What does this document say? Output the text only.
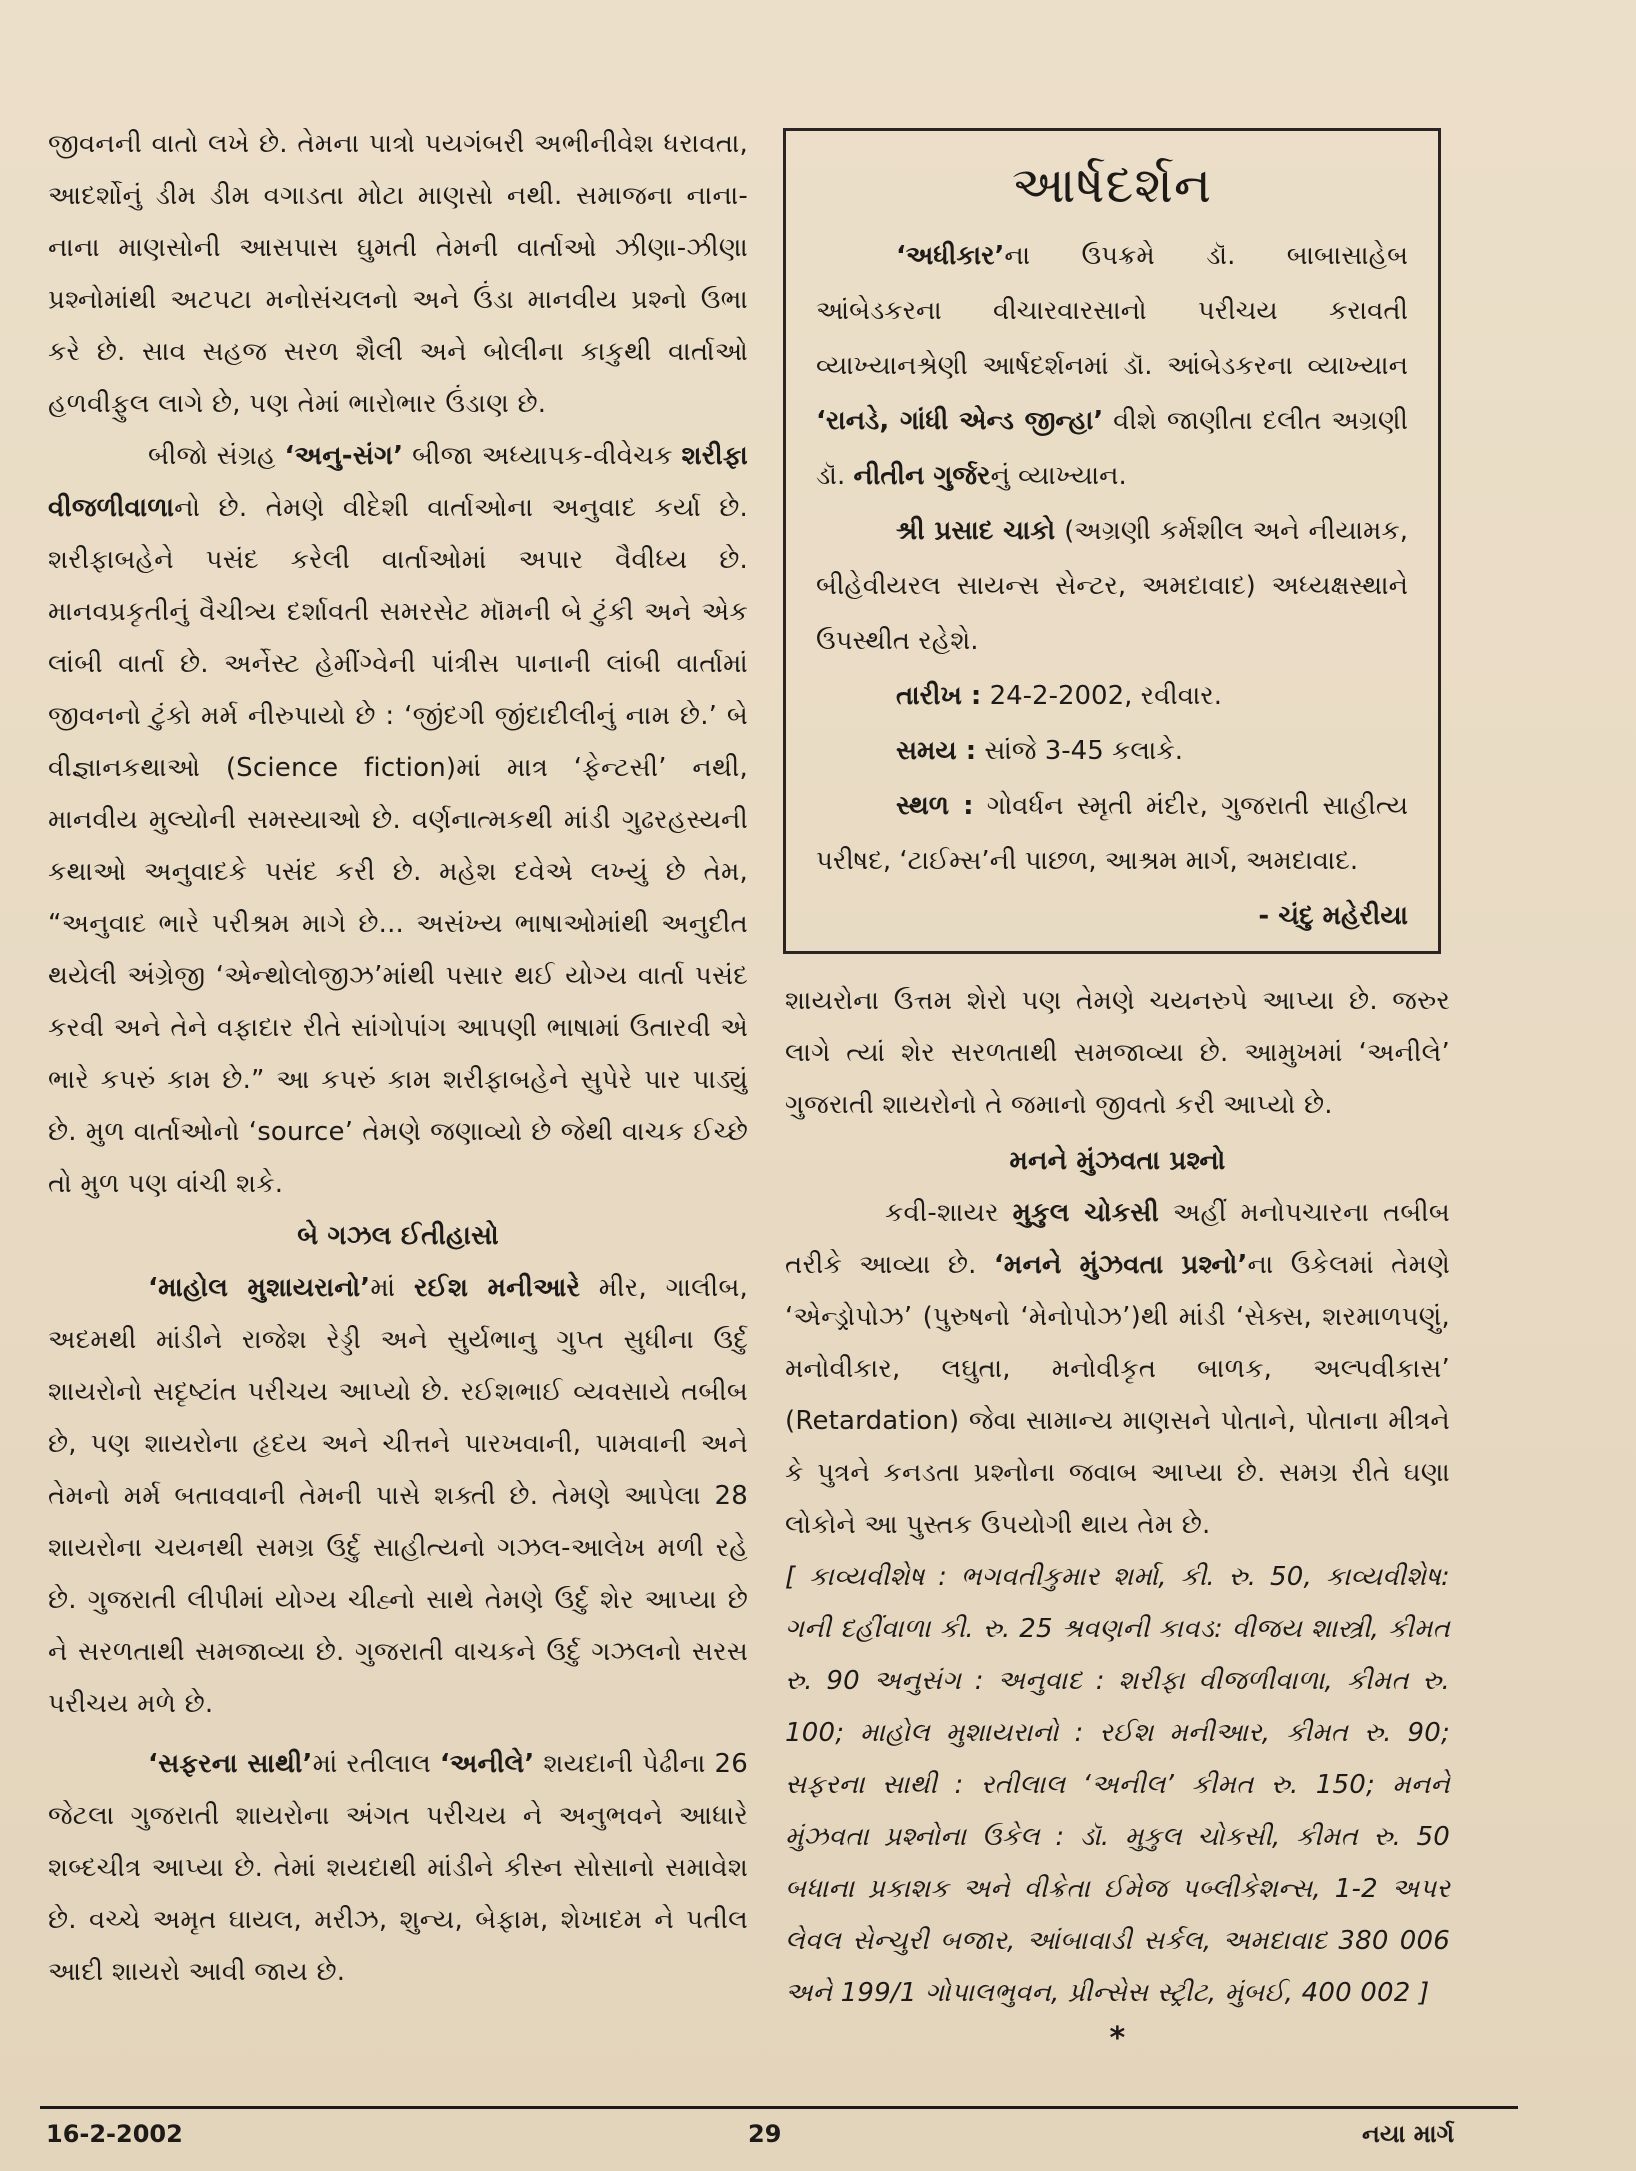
જીવનની વાતો લખે છે. તેમના પાત્રો પયગંબરી અભીનીવેશ ધરાવતા, આદર્શોનું ડીમ ડીમ વગાડતા મોટા માણસો નથી. સમાજના નાના- નાના માણસોની આસપાસ ઘુમતી તેમની વાર્તાઓ ઝીણા-ઝીણા પ્રશ્નોમાંથી અટપટા મનોસંચલનો અને ઉંડા માનવીય પ્રશ્નો ઉભા કરે છે. સાવ સહજ સરળ શૈલી અને બોલીના કાકુથી વાર્તાઓ હળવીફુલ લાગે છે, પણ તેમાં ભારોભાર ઉંડાણ છે.

બીજો સંગ્રહ ‘અનુ-સંગ’ બીજા અધ્યાપક-વીવેચક શરીફા વીજળીવાળાનો છે. તેમણે વીદેશી વાર્તાઓના અનુવાદ કર્યા છે. શરીફાબહેને પસંદ કરેલી વાર્તાઓમાં અપાર વૈવીધ્ય છે. માનવપ્રકૃતીનું વૈચીત્ર્ય દર્શાવતી સમરસેટ મૉમની બે ટુંકી અને એક લાંબી વાર્તા છે. અર્નેસ્ટ હેમીંગ્વેની પાંત્રીસ પાનાની લાંબી વાર્તામાં જીવનનો ટુંકો મર્મ નીરુપાયો છે : ‘જીંદગી જીંદાદીલીનું નામ છે.’ બે વીજ્ઞાનકથાઓ (Science fiction)માં માત્ર ‘ફેન્ટસી’ નથી, માનવીય મુલ્યોની સમસ્યાઓ છે. વર્ણનાત્મકથી માંડી ગુઢરહસ્યની કથાઓ અનુવાદકે પસંદ કરી છે. મહેશ દવેએ લખ્યું છે તેમ, “અનુવાદ ભારે પરીશ્રમ માગે છે... અસંખ્ય ભાષાઓમાંથી અનુદીત થયેલી અંગ્રેજી ‘એન્થોલોજીઝ’માંથી પસાર થઈ યોગ્ય વાર્તા પસંદ કરવી અને તેને વફાદાર રીતે સાંગોપાંગ આપણી ભાષામાં ઉતારવી એ ભારે કપરું કામ છે.” આ કપરું કામ શરીફાબહેને સુપેરે પાર પાડ્યું છે. મુળ વાર્તાઓનો ‘source’ તેમણે જણાવ્યો છે જેથી વાચક ઈચ્છે તો મુળ પણ વાંચી શકે.

બે ગઝલ ઈતીહાસો

‘માહોલ મુશાયરાનો’માં રઈશ મનીઆરે મીર, ગાલીબ, અદમથી માંડીને રાજેશ રેડ્ડી અને સુર્યભાનુ ગુપ્ત સુધીના ઉર્દુ શાયરોનો સદૃષ્ટાંત પરીચય આપ્યો છે. રઈશભાઈ વ્યવસાયે તબીબ છે, પણ શાયરોના હૃદય અને ચીત્તને પારખવાની, પામવાની અને તેમનો મર્મ બતાવવાની તેમની પાસે શક્તી છે. તેમણે આપેલા 28 શાયરોના ચયનથી સમગ્ર ઉર્દુ સાહીત્યનો ગઝલ-આલેખ મળી રહે છે. ગુજરાતી લીપીમાં યોગ્ય ચીહ્નો સાથે તેમણે ઉર્દુ શેર આપ્યા છે ને સરળતાથી સમજાવ્યા છે. ગુજરાતી વાચકને ઉર્દુ ગઝલનો સરસ પરીચય મળે છે.

‘સફરના સાથી’માં રતીલાલ ‘અનીલે’ શયદાની પેઢીના 26 જેટલા ગુજરાતી શાયરોના અંગત પરીચય ને અનુભવને આધારે શબ્દચીત્ર આપ્યા છે. તેમાં શયદાથી માંડીને કીસ્ન સોસાનો સમાવેશ છે. વચ્ચે અમૃત ઘાયલ, મરીઝ, શુન્ય, બેફામ, શેખાદમ ને પતીલ આદી શાયરો આવી જાય છે.

આર્ષદર્શન

‘અધીકાર’ના ઉપક્રમે ડૉ. બાબાસાહેબ આંબેડકરના વીચારવારસાનો પરીચય કરાવતી વ્યાખ્યાનશ્રેણી આર્ષદર્શનમાં ડૉ. આંબેડકરના વ્યાખ્યાન ‘રાનડે, ગાંધી એન્ડ જીન્હા’ વીશે જાણીતા દલીત અગ્રણી ડૉ. નીતીન ગુર્જરનું વ્યાખ્યાન.

શ્રી પ્રસાદ ચાકો (અગ્રણી કર્મશીલ અને નીયામક, બીહેવીયરલ સાયન્સ સેન્ટર, અમદાવાદ) અધ્યક્ષસ્થાને ઉપસ્થીત રહેશે.

તારીખ : 24-2-2002, રવીવાર.

સમય : સાંજે 3-45 કલાકે.

સ્થળ : ગોવર્ધન સ્મૃતી મંદીર, ગુજરાતી સાહીત્ય પરીષદ, ‘ટાઈમ્સ’ની પાછળ, આશ્રમ માર્ગ, અમદાવાદ.

- ચંદુ મહેરીયા

શાયરોના ઉત્તમ શેરો પણ તેમણે ચયનરુપે આપ્યા છે. જરુર લાગે ત્યાં શેર સરળતાથી સમજાવ્યા છે. આમુખમાં ‘અનીલે’ ગુજરાતી શાયરોનો તે જમાનો જીવતો કરી આપ્યો છે.

મનને મુંઝવતા પ્રશ્નો

કવી-શાયર મુકુલ ચોકસી અહીં મનોપચારના તબીબ તરીકે આવ્યા છે. ‘મનને મુંઝવતા પ્રશ્નો’ના ઉકેલમાં તેમણે ‘એન્ડ્રોપોઝ’ (પુરુષનો ‘મેનોપોઝ’)થી માંડી ‘સેક્સ, શરમાળપણું, મનોવીકાર, લઘુતા, મનોવીકૃત બાળક, અલ્પવીકાસ’ (Retardation) જેવા સામાન્ય માણસને પોતાને, પોતાના મીત્રને કે પુત્રને કનડતા પ્રશ્નોના જવાબ આપ્યા છે. સમગ્ર રીતે ઘણા લોકોને આ પુસ્તક ઉપયોગી થાય તેમ છે.

[ કાવ્યવીશેષ : ભગવતીકુમાર શર્મા, કી. રુ. 50, કાવ્યવીશેષ: ગની દહીંવાળા કી. રુ. 25 શ્રવણની કાવડ: વીજય શાસ્ત્રી, કીમત રુ. 90 અનુસંગ : અનુવાદ : શરીફા વીજળીવાળા, કીમત રુ. 100; માહોલ મુશાયરાનો : રઈશ મનીઆર, કીમત રુ. 90; સફરના સાથી : રતીલાલ ‘અનીલ’ કીમત રુ. 150; મનને મુંઝવતા પ્રશ્નોના ઉકેલ : ડૉ. મુકુલ ચોકસી, કીમત રુ. 50 બધાના પ્રકાશક અને વીક્રેતા ઈમેજ પબ્લીકેશન્સ, 1-2 અપર લેવલ સેન્ચુરી બજાર, આંબાવાડી સર્કલ, અમદાવાદ 380 006 અને 199/1 ગોપાલભુવન, પ્રીન્સેસ સ્ટ્રીટ, મુંબઈ, 400 002 ]

*

16-2-2002	29	નયા માર્ગ
